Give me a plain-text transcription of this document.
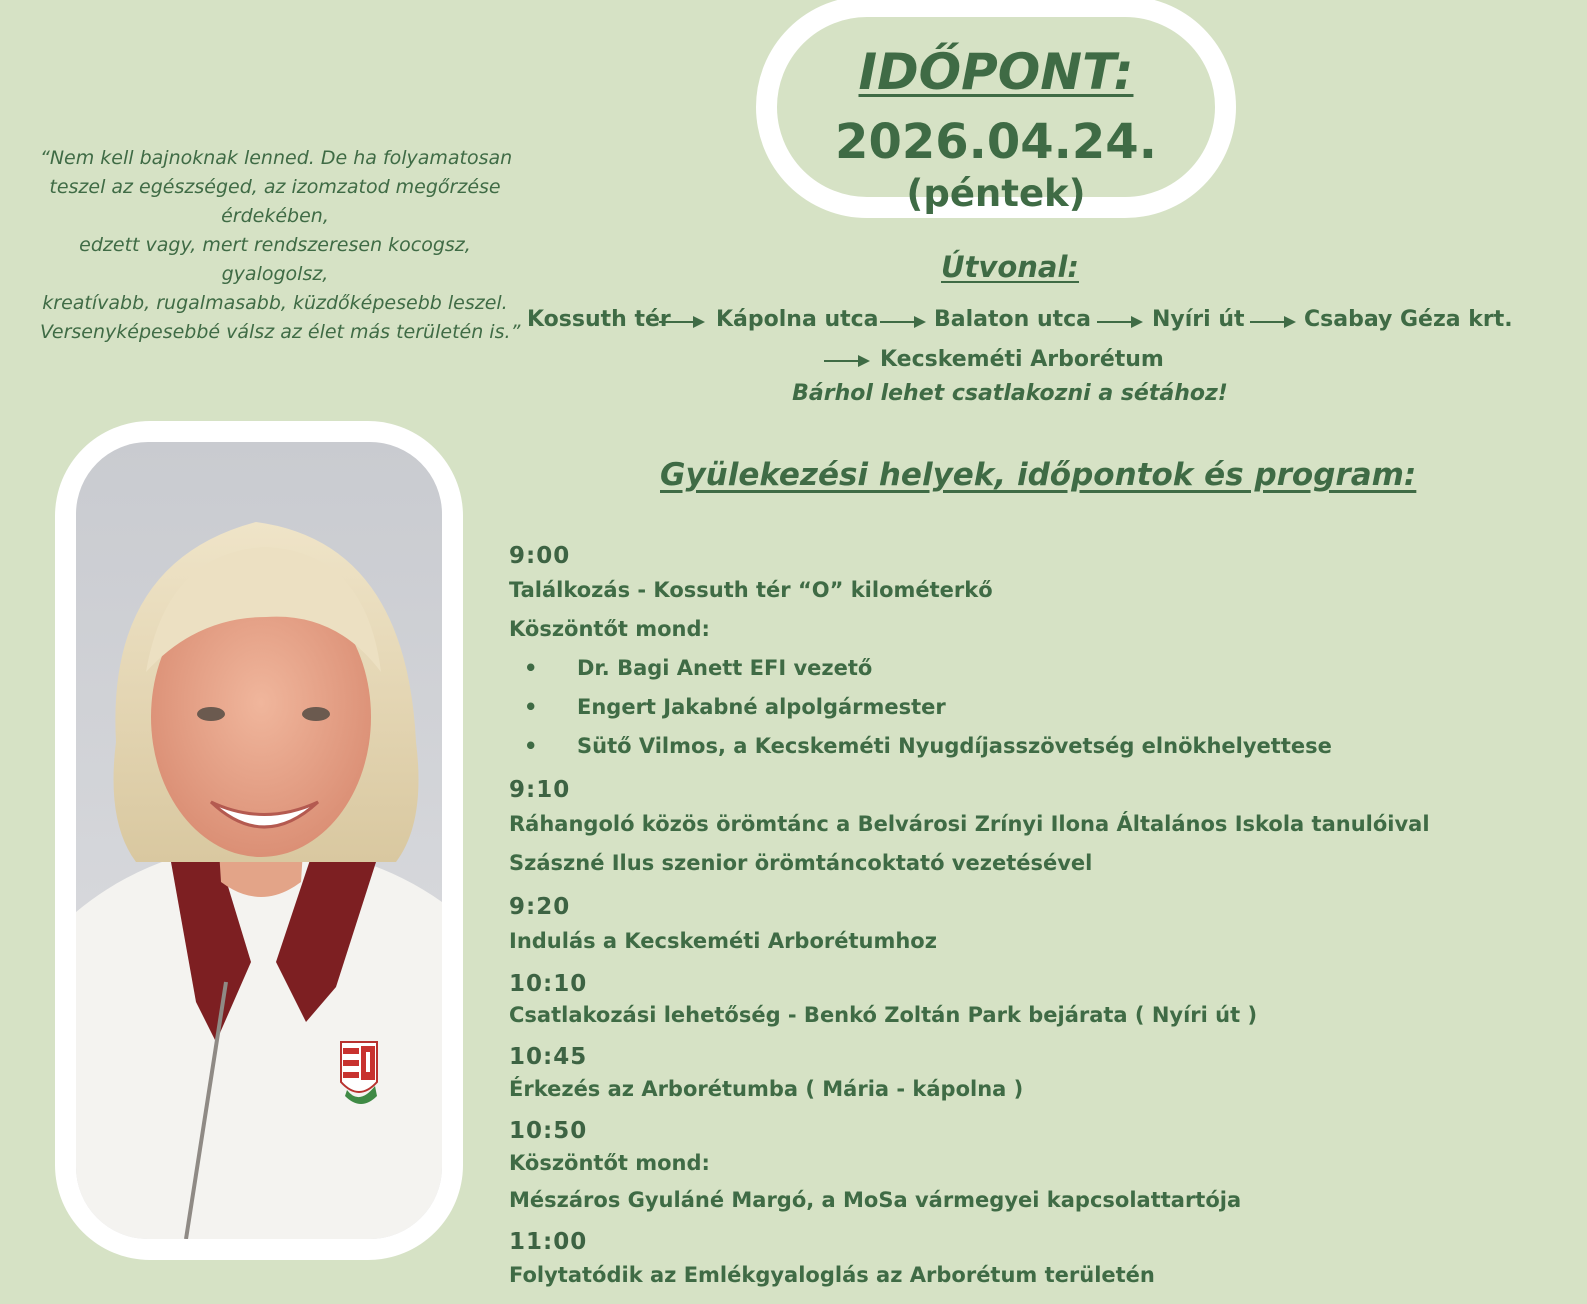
“Nem kell bajnoknak lenned. De ha folyamatosan
teszel az egészséged, az izomzatod megőrzése
érdekében,
edzett vagy, mert rendszeresen kocogsz,
gyalogolsz,
kreatívabb, rugalmasabb, küzdőképesebb leszel.
Versenyképesebbé válsz az élet más területén is.”
IDŐPONT:
2026.04.24.
(péntek)
Útvonal:
Kossuth tér Kápolna utca	Balaton utca	Nyíri út	Csabay Géza krt.
Kecskeméti Arborétum
Bárhol lehet csatlakozni a sétához!
Gyülekezési helyek, időpontok és program:
9:00
Találkozás - Kossuth tér “O” kilométerkő
Köszöntőt mond:
• Dr. Bagi Anett EFI vezető
• Engert Jakabné alpolgármester
• Sütő Vilmos, a Kecskeméti Nyugdíjasszövetség elnökhelyettese
9:10
Ráhangoló közös örömtánc a Belvárosi Zrínyi Ilona Általános Iskola tanulóival
Szászné Ilus szenior örömtáncoktató vezetésével
9:20
Indulás a Kecskeméti Arborétumhoz
10:10
Csatlakozási lehetőség - Benkó Zoltán Park bejárata ( Nyíri út )
10:45
Érkezés az Arborétumba ( Mária - kápolna )
10:50
Köszöntőt mond:
Mészáros Gyuláné Margó, a MoSa vármegyei kapcsolattartója
11:00
Folytatódik az Emlékgyaloglás az Arborétum területén
